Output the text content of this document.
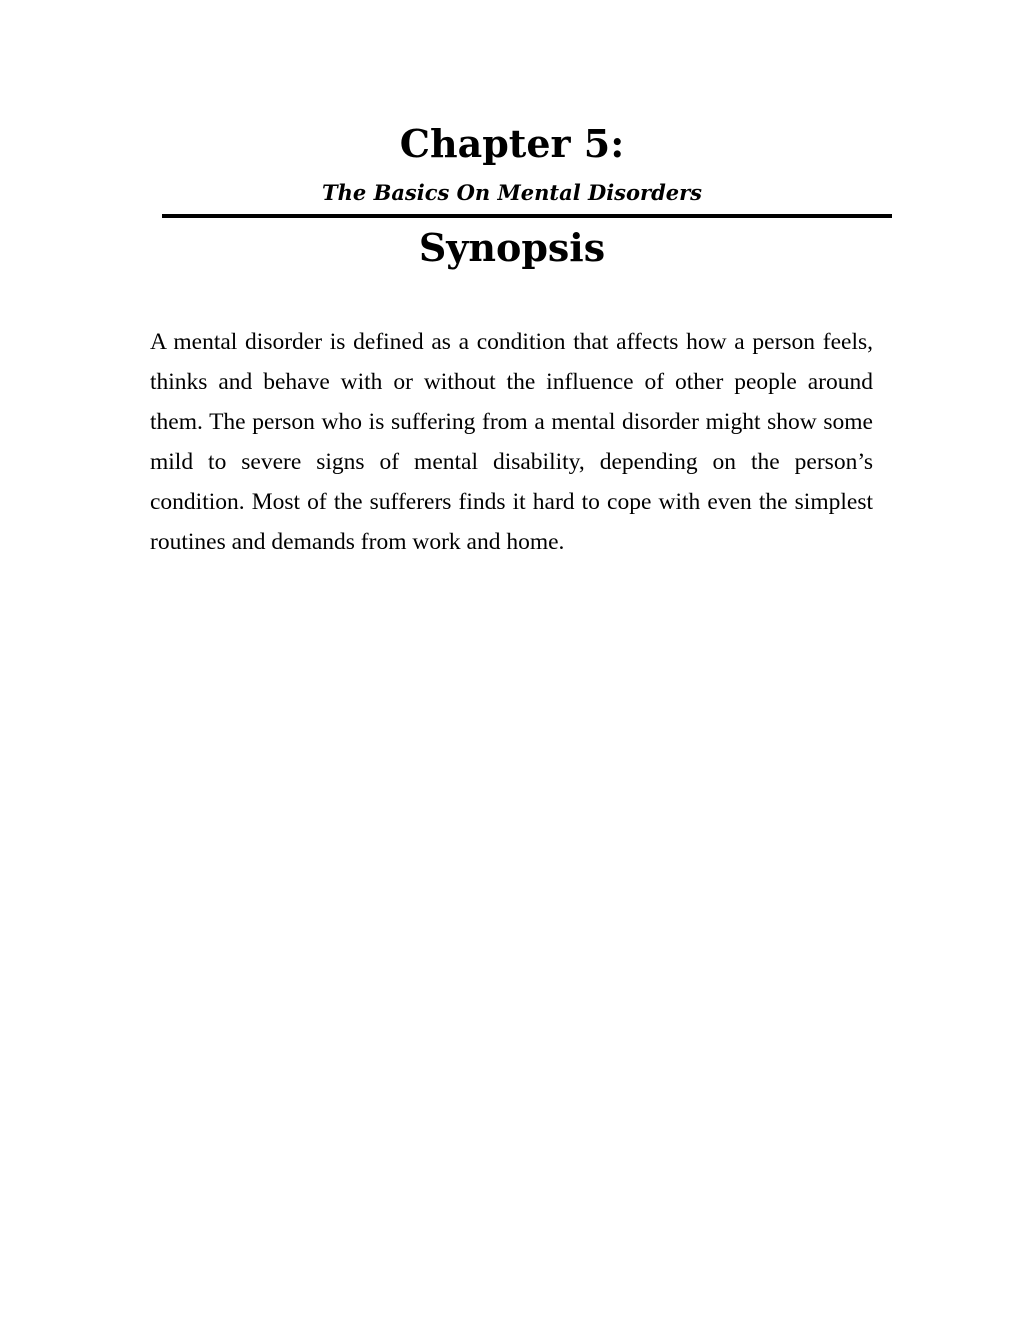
Chapter 5:
The Basics On Mental Disorders
Synopsis

A mental disorder is defined as a condition that affects how a person feels, thinks and behave with or without the influence of other people around them. The person who is suffering from a mental disorder might show some mild to severe signs of mental disability, depending on the person’s condition. Most of the sufferers finds it hard to cope with even the simplest routines and demands from work and home.
